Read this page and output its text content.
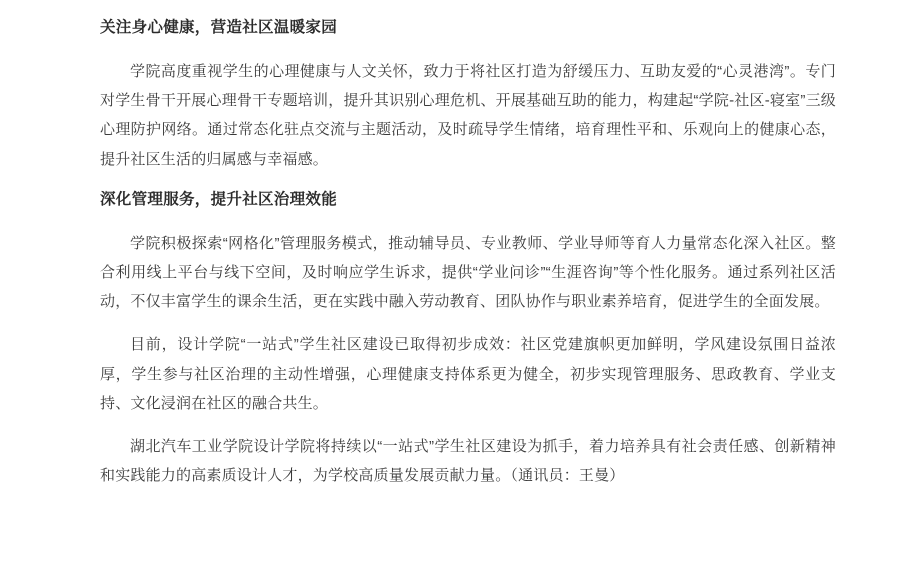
关注身心健康，营造社区温暖家园

学院高度重视学生的心理健康与人文关怀，致力于将社区打造为舒缓压力、互助友爱的“心灵港湾”。专门对学生骨干开展心理骨干专题培训，提升其识别心理危机、开展基础互助的能力，构建起“学院-社区-寝室”三级心理防护网络。通过常态化驻点交流与主题活动，及时疏导学生情绪，培育理性平和、乐观向上的健康心态，提升社区生活的归属感与幸福感。

深化管理服务，提升社区治理效能

学院积极探索“网格化”管理服务模式，推动辅导员、专业教师、学业导师等育人力量常态化深入社区。整合利用线上平台与线下空间，及时响应学生诉求，提供“学业问诊”“生涯咨询”等个性化服务。通过系列社区活动，不仅丰富学生的课余生活，更在实践中融入劳动教育、团队协作与职业素养培育，促进学生的全面发展。

目前，设计学院“一站式”学生社区建设已取得初步成效：社区党建旗帜更加鲜明，学风建设氛围日益浓厚，学生参与社区治理的主动性增强，心理健康支持体系更为健全，初步实现管理服务、思政教育、学业支持、文化浸润在社区的融合共生。

湖北汽车工业学院设计学院将持续以“一站式”学生社区建设为抓手，着力培养具有社会责任感、创新精神和实践能力的高素质设计人才，为学校高质量发展贡献力量。（通讯员：王曼）
